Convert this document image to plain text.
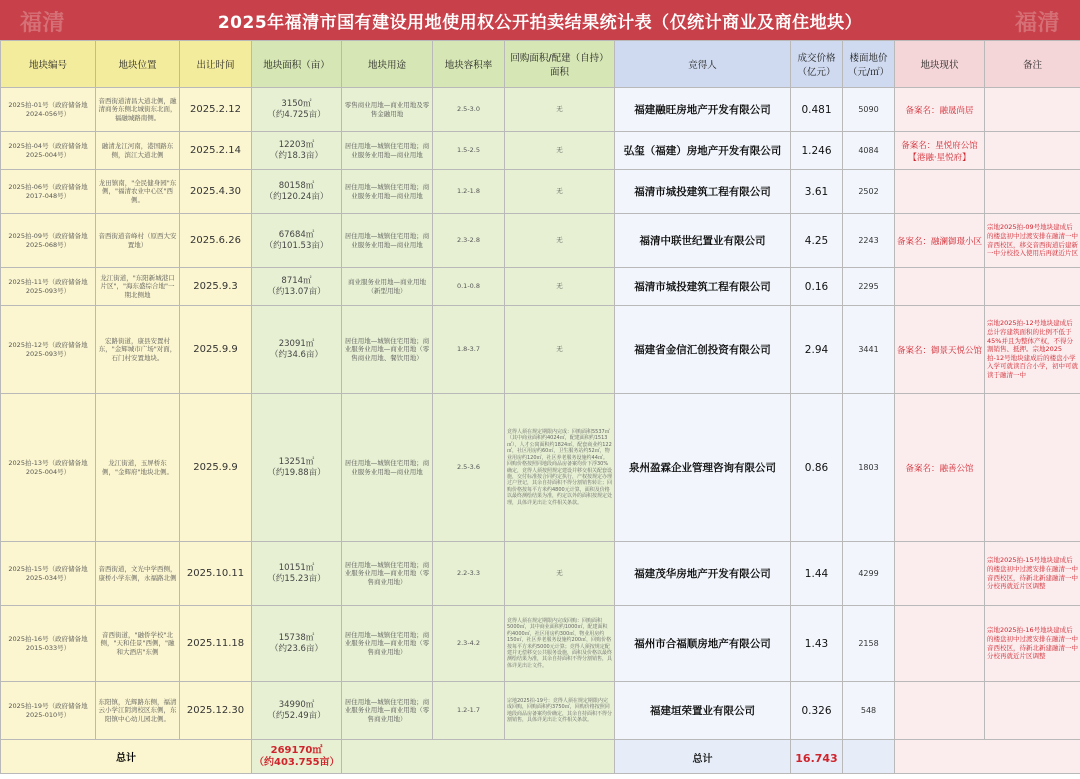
福清	福清
2025年福清市国有建设用地使用权公开拍卖结果统计表（仅统计商业及商住地块）
地块编号	地块位置	出让时间	地块面积（亩）	地块用途	地块容积率	回购面积/配建（自持）面积	竞得人	成交价格（亿元）	楼面地价（元/㎡）	地块现状	备注

2025拍-01号（政府储备地2024-056号）	音西街道清昌大道北侧，融清商务东侧北城街东北面，福融城路南侧。	2025.2.12	3150㎡
（约4.725亩）	零售商业用地—商业用地及零售金融用地	2.5-3.0	无	福建融旺房地产开发有限公司	0.481	5090	备案名：融晟尚居	

2025拍-04号（政府储备地2025-004号）	融清龙江河南，港国路东侧，滨江大道北侧	2025.2.14	12203㎡
（约18.3亩）	居住用地—城镇住宅用地；商业服务业用地—商业用地	1.5-2.5	无	弘玺（福建）房地产开发有限公司	1.246	4084	备案名：星悦府公馆【港融·星悦府】	

2025拍-06号（政府储备地2017-048号）	龙田镇南，"全民健身园"东侧，"福清农业中心区"西侧。	2025.4.30	80158㎡
（约120.24亩）	居住用地—城镇住宅用地；商业服务业用地—商业用地	1.2-1.8	无	福清市城投建筑工程有限公司	3.61	2502		

2025拍-09号（政府储备地2025-068号）	音西街道音峰村（原西大安置地）	2025.6.26	67684㎡
（约101.53亩）	居住用地—城镇住宅用地；商业服务业用地—商业用地	2.3-2.8	无	福清中联世纪置业有限公司	4.25	2243	备案名：融澜御璟小区	宗地2025拍-09号地块建成后的楼盘初中过渡安排在融清一中音西校区，移交音西街道后建新一中分校投入使用后再就近片区

2025拍-11号（政府储备地2025-093号）	龙江街道，"东阳新城港口片区"，"海东盛综合地"一期北侧地	2025.9.3	8714㎡
（约13.07亩）	商业服务业用地—商业用地（新型用地）	0.1-0.8	无	福清市城投建筑工程有限公司	0.16	2295		

2025拍-12号（政府储备地2025-093号）	宏路街道，康县安置村东，"金辉城市广场"对面，石门村安置地块。	2025.9.9	23091㎡
（约34.6亩）	居住用地—城镇住宅用地；商业服务业用地—商业用地（零售商业用地、餐饮用地）	1.8-3.7	无	福建省金信汇创投资有限公司	2.94	3441	备案名：御景天悦公馆	宗地2025拍-12号地块建成后总计容建筑面积的比例不低于45%并且为整体产权，不得分割销售、抵押。宗地2025拍-12号地块建成后的楼盘小学入学可就读百合小学，初中可就读于融清一中

2025拍-13号（政府储备地2025-004号）	龙江街道，玉屏桥东侧，"金辉府"地块北侧。	2025.9.9	13251㎡
（约19.88亩）	居住用地—城镇住宅用地；商业服务业用地—商业用地	2.5-3.6	竞得人须在规定期限内完成：回购面积5537㎡（其中商业面积约4024㎡，配建面积约1513㎡），人才公寓面积约1824㎡，配套商业约122㎡，社区用房约60㎡，卫生服务站约52㎡，物业用房约120㎡，社区养老服务设施约44㎡。回购价格按照同地段商品房备案均价下浮30%确定，竞得人须按照规定建设并移交相关配套设施，交付标准按合同约定执行，产权按规定办理过户登记，其余自持面积不得分割销售转让；回购价格按每平方米约4800元计算，面积及价格以最终测绘结果为准，约定以外的面积按规定处理，具体详见出让文件相关条款。	泉州盈霖企业管理咨询有限公司	0.86	1803	备案名：融善公馆	

2025拍-15号（政府储备地2025-034号）	音西街道，文光中学西侧，康桥小学东侧，永福路北侧	2025.10.11	10151㎡
（约15.23亩）	居住用地—城镇住宅用地；商业服务业用地—商业用地（零售商业用地）	2.2-3.3	无	福建茂华房地产开发有限公司	1.44	4299		宗地2025拍-15号地块建成后的楼盘初中过渡安排在融清一中音西校区，待新北新建融清一中分校再就近片区调整

2025拍-16号（政府储备地2015-033号）	音西街道，"融侨学校"北侧，"天和佳景"西侧，"融和大酒店"东侧	2025.11.18	15738㎡
（约23.6亩）	居住用地—城镇住宅用地；商业服务业用地—商业用地（零售商业用地）	2.3-4.2	竞得人须在规定期限内完成回购：回购面积5000㎡，其中商业面积约1000㎡，配建面积约4000㎡，社区用房约300㎡，物业用房约150㎡，社区养老服务设施约200㎡，回购价格按每平方米约5000元计算；竞得人须按规定配建并无偿移交公共服务设施，面积及价格以最终测绘结果为准，其余自持面积不得分割销售，具体详见出让文件。	福州市合福顺房地产有限公司	1.43	2158		宗地2025拍-16号地块建成后的楼盘初中过渡安排在融清一中音西校区，待新北新建融清一中分校再就近片区调整

2025拍-19号（政府储备地2025-010号）	东阳镇，光辉路东侧，福清云小学江阴湾校区东侧，东阳镇中心幼儿园北侧。	2025.12.30	34990㎡
（约52.49亩）	居住用地—城镇住宅用地；商业服务业用地—商业用地（零售商业用地）	1.2-1.7	宗地2025拍-19号：竞得人须在规定期限内完成回购，回购面积约3750㎡，回购价格按照同地段商品房备案均价确定，其余自持面积不得分割销售，具体详见出让文件相关条款。	福建垣荣置业有限公司	0.326	548		

总计			269170㎡
（约403.755亩）				总计	16.743			
